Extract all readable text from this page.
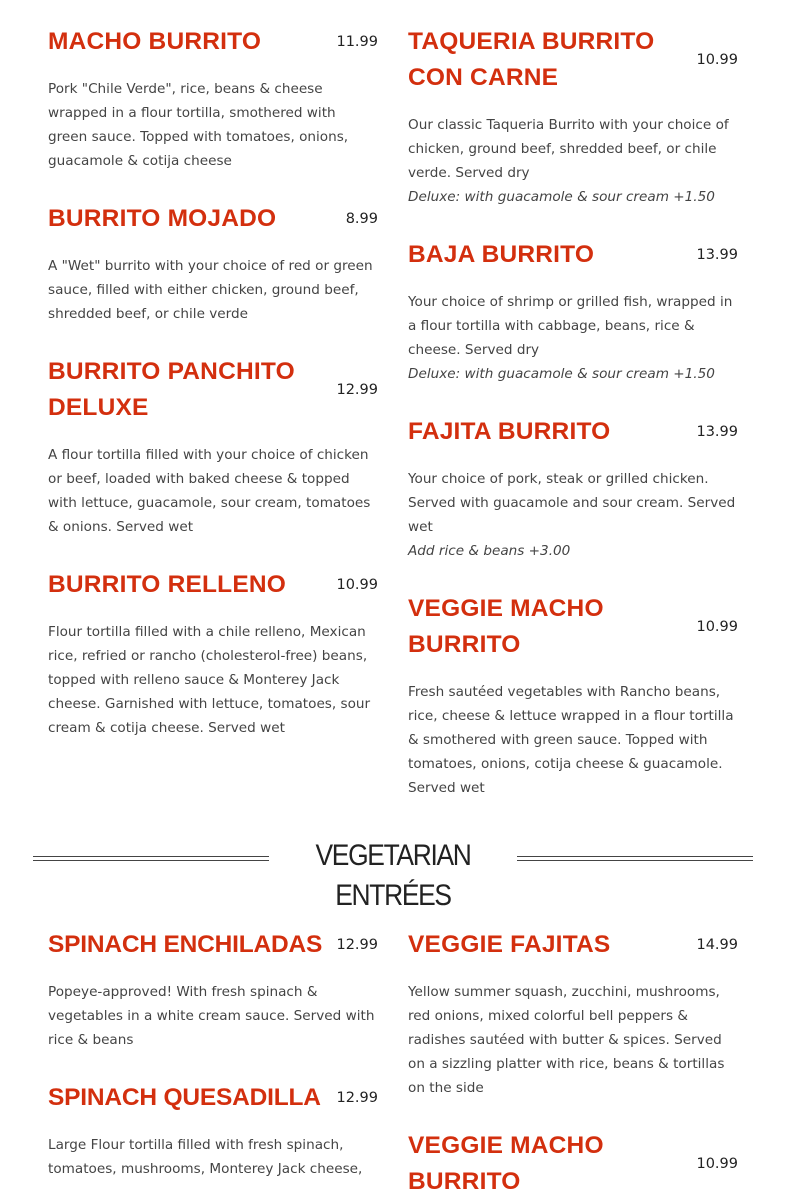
MACHO BURRITO	11.99
Pork "Chile Verde", rice, beans & cheese wrapped in a flour tortilla, smothered with green sauce. Topped with tomatoes, onions, guacamole & cotija cheese
BURRITO MOJADO	8.99
A "Wet" burrito with your choice of red or green sauce, filled with either chicken, ground beef, shredded beef, or chile verde
BURRITO PANCHITO DELUXE
12.99
A flour tortilla filled with your choice of chicken or beef, loaded with baked cheese & topped with lettuce, guacamole, sour cream, tomatoes & onions. Served wet
BURRITO RELLENO	10.99
Flour tortilla filled with a chile relleno, Mexican rice, refried or rancho (cholesterol-free) beans, topped with relleno sauce & Monterey Jack cheese. Garnished with lettuce, tomatoes, sour cream & cotija cheese. Served wet
TAQUERIA BURRITO CON CARNE
10.99
Our classic Taqueria Burrito with your choice of chicken, ground beef, shredded beef, or chile verde. Served dry
Deluxe: with guacamole & sour cream +1.50
BAJA BURRITO	13.99
Your choice of shrimp or grilled fish, wrapped in a flour tortilla with cabbage, beans, rice & cheese. Served dry
Deluxe: with guacamole & sour cream +1.50
FAJITA BURRITO	13.99
Your choice of pork, steak or grilled chicken. Served with guacamole and sour cream. Served wet
Add rice & beans +3.00
VEGGIE MACHO BURRITO
10.99
Fresh sautéed vegetables with Rancho beans, rice, cheese & lettuce wrapped in a flour tortilla & smothered with green sauce. Topped with tomatoes, onions, cotija cheese & guacamole. Served wet
VEGETARIAN ENTRÉES
SPINACH ENCHILADAS 12.99
Popeye-approved! With fresh spinach & vegetables in a white cream sauce. Served with rice & beans
SPINACH QUESADILLA	12.99
Large Flour tortilla filled with fresh spinach, tomatoes, mushrooms, Monterey Jack cheese,
VEGGIE FAJITAS	14.99
Yellow summer squash, zucchini, mushrooms, red onions, mixed colorful bell peppers & radishes sautéed with butter & spices. Served on a sizzling platter with rice, beans & tortillas on the side
VEGGIE MACHO BURRITO
10.99
